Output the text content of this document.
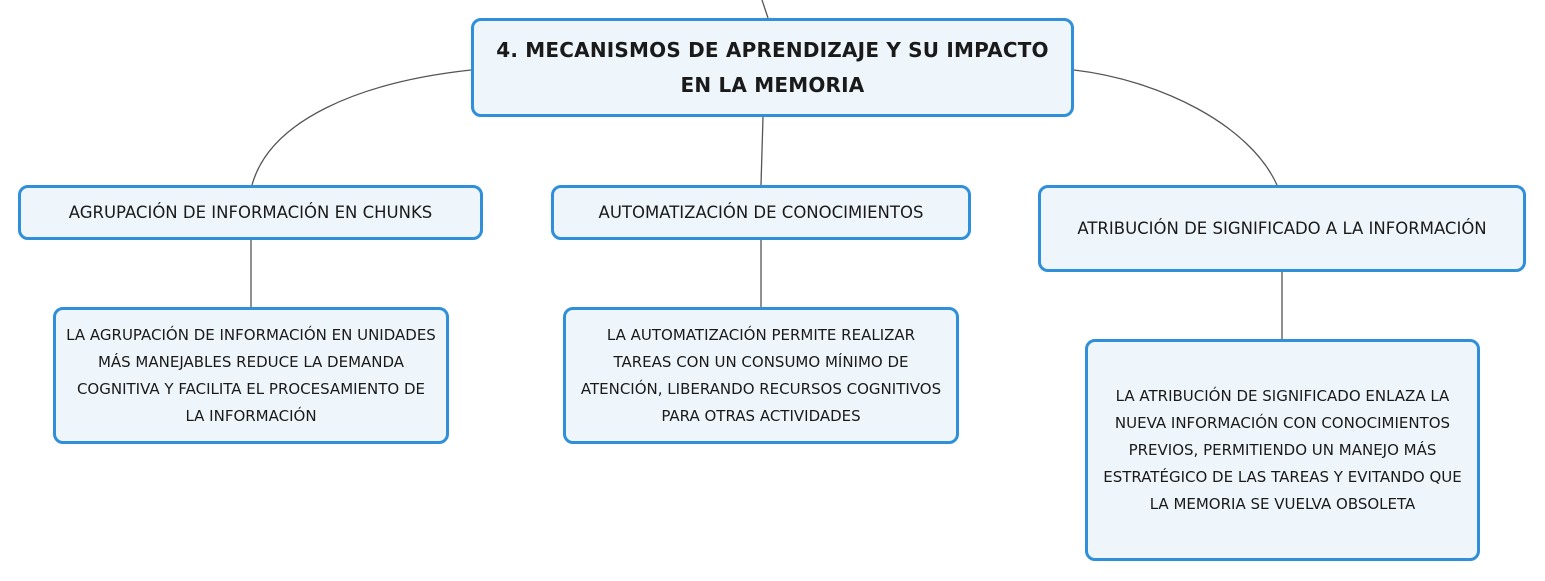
4. MECANISMOS DE APRENDIZAJE Y SU IMPACTO EN LA MEMORIA
AGRUPACIÓN DE INFORMACIÓN EN CHUNKS	AUTOMATIZACIÓN DE CONOCIMIENTOS
ATRIBUCIÓN DE SIGNIFICADO A LA INFORMACIÓN
LA AGRUPACIÓN DE INFORMACIÓN EN UNIDADES MÁS MANEJABLES REDUCE LA DEMANDA COGNITIVA Y FACILITA EL PROCESAMIENTO DE LA INFORMACIÓN
LA AUTOMATIZACIÓN PERMITE REALIZAR TAREAS CON UN CONSUMO MÍNIMO DE ATENCIÓN, LIBERANDO RECURSOS COGNITIVOS PARA OTRAS ACTIVIDADES
LA ATRIBUCIÓN DE SIGNIFICADO ENLAZA LA NUEVA INFORMACIÓN CON CONOCIMIENTOS PREVIOS, PERMITIENDO UN MANEJO MÁS ESTRATÉGICO DE LAS TAREAS Y EVITANDO QUE LA MEMORIA SE VUELVA OBSOLETA
